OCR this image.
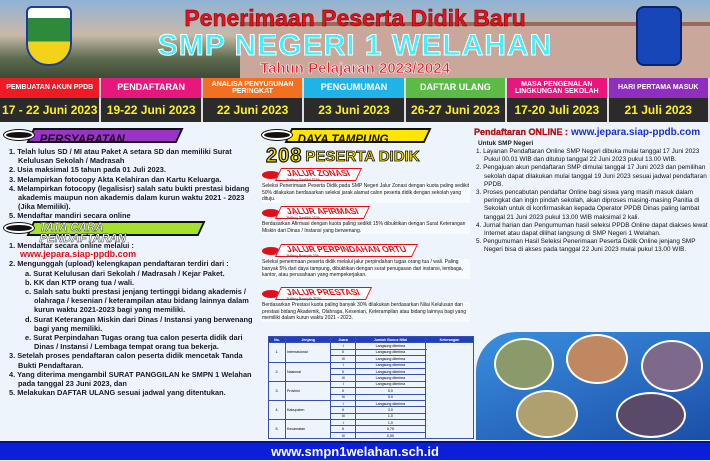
Penerimaan Peserta Didik Baru
SMP NEGERI 1 WELAHAN
Tahun Pelajaran 2023/2024
PEMBUATAN AKUN PPDB
17 - 22 Juni 2023
PENDAFTARAN
19-22 Juni 2023
ANALISA PENYUSUNAN PERINGKAT
22 Juni 2023
PENGUMUMAN
23 Juni 2023
DAFTAR ULANG
26-27 Juni 2023
MASA PENGENALAN LINGKUNGAN SEKOLAH
17-20 Juli 2023
HARI PERTAMA MASUK
21 Juli 2023
PERSYARATAN
1. Telah lulus SD / MI atau Paket A setara SD dan memiliki Surat Kelulusan Sekolah / Madrasah
2. Usia maksimal 15 tahun pada 01 Juli 2023.
3. Melampirkan fotocopy Akta Kelahiran dan Kartu Keluarga.
4. Melampirkan fotocopy (legalisisr) salah satu bukti prestasi bidang akademis maupun non akademis dalam kurun waktu 2021 - 2023 (Jika Memiliki).
5. Mendaftar mandiri secara online
TATA CARA PENDAFTARAN
1. Mendaftar secara online melalui :
www.jepara.siap-ppdb.com
2. Mengunggah (upload) kelengkapan pendaftaran terdiri dari :
a. Surat Kelulusan dari Sekolah / Madrasah / Kejar Paket.
b. KK dan KTP orang tua / wali.
c. Salah satu bukti prestasi jenjang tertinggi bidang akademis / olahraga / kesenian / keterampilan atau bidang lainnya dalam kurun waktu 2021-2023 bagi yang memiliki.
d. Surat Keterangan Miskin dari Dinas / Instansi yang berwenang bagi yang memiliki.
e. Surat Perpindahan Tugas orang tua calon peserta didik dari Dinas / Instansi / Lembaga tempat orang tua bekerja.
3. Setelah proses pendaftaran calon peserta didik mencetak Tanda Bukti Pendaftaran.
4. Yang diterima mengambil SURAT PANGGILAN ke SMPN 1 Welahan pada tanggal 23 Juni 2023, dan
5. Melakukan DAFTAR ULANG sesuai jadwal yang ditentukan.
DAYA TAMPUNG
208 PESERTA DIDIK
JALUR ZONASI
Paling Sedikit 50%
Seleksi Penerimaan Peserta Didik pada SMP Negeri Jalur Zonasi dengan kuota paling sedikit 50% dilakukan berdasarkan seleksi jarak alamat calon peserta didik dengan sekolah yang dituju.
JALUR AFIRMASI
Paling Sedikit 15%
Berdasarkan Afirmasi dengan kuota paling sedikit 15% dibuktikan dengan Surat Keterangan Miskin dari Dinas / Instansi yang berwenang.
JALUR PERPINDAHAN ORTU
Paling Banyak 5%
Seleksi penerimaan peserta didik melalui jalur perpindahan tugas orang tua / wali. Paling banyak 5% dari daya tampung, dibuktikan dengan surat penugasan dari instansi, lembaga, kantor, atau perusahaan yang mempekerjakan.
JALUR PRESTASI
Paling Banyak 30%
Berdasarkan Prestasi kuota paling banyak 30% dilakukan berdasarkan Nilai Kelulusan dan prestasi bidang Akademik, Olahraga, Kesenian, Keterampilan atau bidang lainnya bagi yang memiliki dalam kurun waktu 2021 - 2023.
No.	Jenjang	Juara	Jumlah Bonus Nilai	Keterangan
1.	Internasional	I	Langsung diterima	
		II	Langsung diterima	
		III	Langsung diterima	
2.	Nasional	I	Langsung diterima	
		II	Langsung diterima	
		III	Langsung diterima	
3.	Provinsi	I	Langsung diterima	
		II	5,0	
		III	5,0	
4.	Kabupaten	I	Langsung diterima	
		II	3,0	
		III	1,0	
5.	Kecamatan	I	1,0	
		II	0,75	
		III	0,50	
Pendaftaran ONLINE : www.jepara.siap-ppdb.com
Untuk SMP Negeri
1. Layanan Pendaftaran Online SMP Negeri dibuka mulai tanggal 17 Juni 2023 Pukul 00.01 WIB dan ditutup tanggal 22 Juni 2023 pukul 13.00 WIB.
2. Pengajuan akun pendaftaran SMP dimulai tanggal 17 Juni 2023 dan pemilihan sekolah dapat dilakukan mulai tanggal 19 Juni 2023 sesuai jadwal pendaftaran PPDB.
3. Proses pencabutan pendaftar Online bagi siswa yang masih masuk dalam peringkat dan ingin pindah sekolah, akan diproses masing-masing Panitia di Sekolah untuk di konfirmasikan kepada Operator PPDB Dinas paling lambat tanggal 21 Juni 2023 pukul 13.00 WIB maksimal 2 kali.
4. Jurnal harian dan Pengumuman hasil seleksi PPDB Online dapat diakses lewat Internet atau dapat dilihat langsung di SMP Negeri 1 Welahan.
5. Pengumuman Hasil Seleksi Penerimaan Peserta Didik Online jenjang SMP Negeri bisa di akses pada tanggal 22 Juni 2023 mulai pukul 13.00 WIB.
www.smpn1welahan.sch.id
